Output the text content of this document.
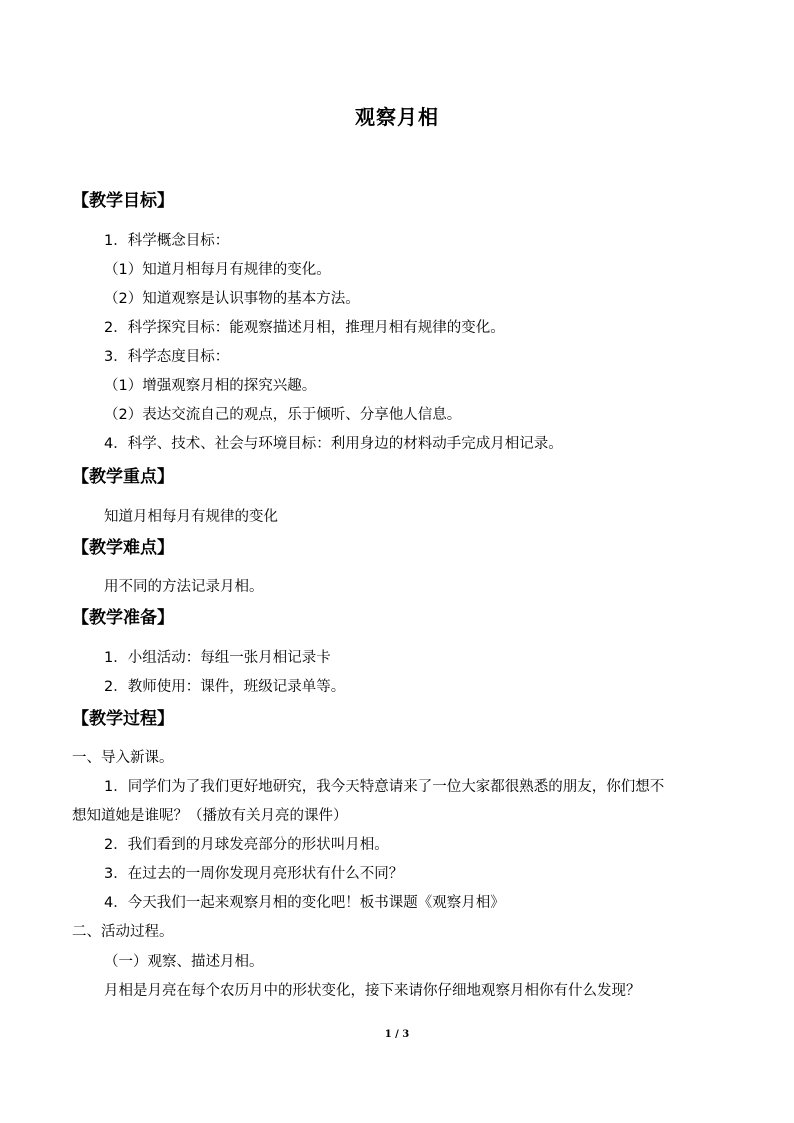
观察月相
【教学目标】
1．科学概念目标：
（1）知道月相每月有规律的变化。
（2）知道观察是认识事物的基本方法。
2．科学探究目标：能观察描述月相，推理月相有规律的变化。
3．科学态度目标：
（1）增强观察月相的探究兴趣。
（2）表达交流自己的观点，乐于倾听、分享他人信息。
4．科学、技术、社会与环境目标：利用身边的材料动手完成月相记录。
【教学重点】
知道月相每月有规律的变化
【教学难点】
用不同的方法记录月相。
【教学准备】
1．小组活动：每组一张月相记录卡
2．教师使用：课件，班级记录单等。
【教学过程】
一、导入新课。
1．同学们为了我们更好地研究，我今天特意请来了一位大家都很熟悉的朋友，你们想不
想知道她是谁呢？（播放有关月亮的课件）
2．我们看到的月球发亮部分的形状叫月相。
3．在过去的一周你发现月亮形状有什么不同？
4．今天我们一起来观察月相的变化吧！板书课题《观察月相》
二、活动过程。
（一）观察、描述月相。
月相是月亮在每个农历月中的形状变化，接下来请你仔细地观察月相你有什么发现？
1 / 3
